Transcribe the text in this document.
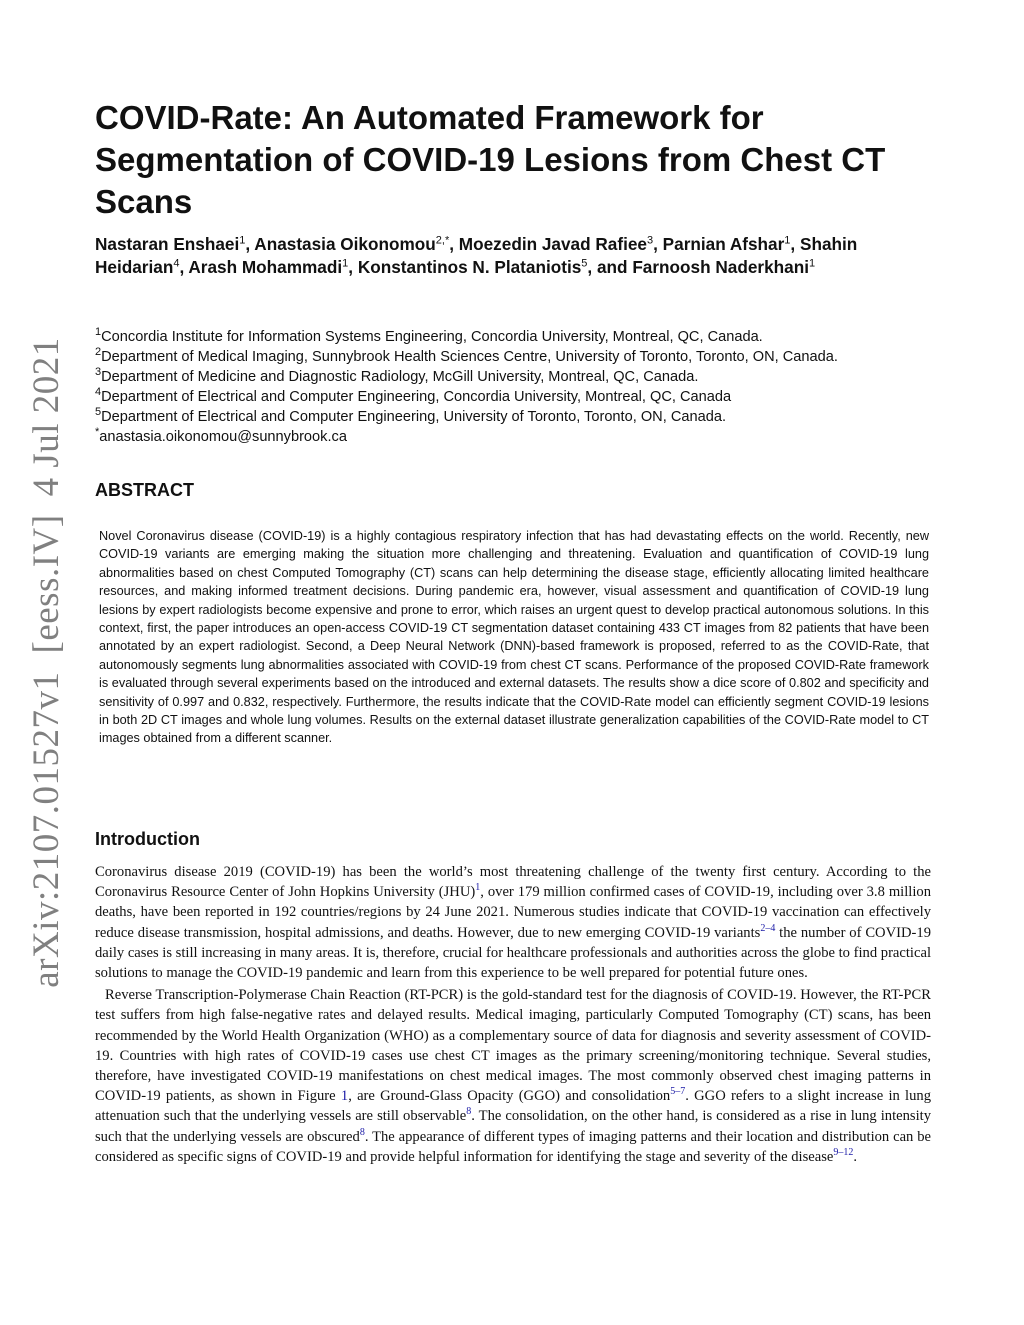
arXiv:2107.01527v1[eess.IV]4 Jul 2021
COVID-Rate: An Automated Framework for Segmentation of COVID-19 Lesions from Chest CT Scans
Nastaran Enshaei$^1$, Anastasia Oikonomou$^{2,*}$, Moezedin Javad Rafiee$^3$, Parnian Afshar$^1$, Shahin Heidarian$^4$, Arash Mohammadi$^1$, Konstantinos N. Plataniotis$^5$, and Farnoosh Naderkhani$^1$
$^1$Concordia Institute for Information Systems Engineering, Concordia University, Montreal, QC, Canada.
$^2$Department of Medical Imaging, Sunnybrook Health Sciences Centre, University of Toronto, Toronto, ON, Canada.
$^3$Department of Medicine and Diagnostic Radiology, McGill University, Montreal, QC, Canada.
$^4$Department of Electrical and Computer Engineering, Concordia University, Montreal, QC, Canada
$^5$Department of Electrical and Computer Engineering, University of Toronto, Toronto, ON, Canada.
*anastasia.oikonomou@sunnybrook.ca
ABSTRACT

Novel Coronavirus disease (COVID-19) is a highly contagious respiratory infection that has had devastating effects on the world. Recently, new COVID-19 variants are emerging making the situation more challenging and threatening. Evaluation and quantification of COVID-19 lung abnormalities based on chest Computed Tomography (CT) scans can help determining the disease stage, efficiently allocating limited healthcare resources, and making informed treatment decisions. During pandemic era, however, visual assessment and quantification of COVID-19 lung lesions by expert radiologists become expensive and prone to error, which raises an urgent quest to develop practical autonomous solutions. In this context, first, the paper introduces an open-access COVID-19 CT segmentation dataset containing 433 CT images from 82 patients that have been annotated by an expert radiologist. Second, a Deep Neural Network (DNN)-based framework is proposed, referred to as the COVID-Rate, that autonomously segments lung abnormalities associated with COVID-19 from chest CT scans. Performance of the proposed COVID-Rate framework is evaluated through several experiments based on the introduced and external datasets. The results show a dice score of 0.802 and specificity and sensitivity of 0.997 and 0.832, respectively. Furthermore, the results indicate that the COVID-Rate model can efficiently segment COVID-19 lesions in both 2D CT images and whole lung volumes. Results on the external dataset illustrate generalization capabilities of the COVID-Rate model to CT images obtained from a different scanner.

Introduction

Coronavirus disease 2019 (COVID-19) has been the world’s most threatening challenge of the twenty first century. According to the Coronavirus Resource Center of John Hopkins University (JHU)$^1$, over 179 million confirmed cases of COVID-19, including over 3.8 million deaths, have been reported in 192 countries/regions by 24 June 2021. Numerous studies indicate that COVID-19 vaccination can effectively reduce disease transmission, hospital admissions, and deaths. However, due to new emerging COVID-19 variants$^{2-4}$ the number of COVID-19 daily cases is still increasing in many areas. It is, therefore, crucial for healthcare professionals and authorities across the globe to find practical solutions to manage the COVID-19 pandemic and learn from this experience to be well prepared for potential future ones.

Reverse Transcription-Polymerase Chain Reaction (RT-PCR) is the gold-standard test for the diagnosis of COVID-19. However, the RT-PCR test suffers from high false-negative rates and delayed results. Medical imaging, particularly Computed Tomography (CT) scans, has been recommended by the World Health Organization (WHO) as a complementary source of data for diagnosis and severity assessment of COVID-19. Countries with high rates of COVID-19 cases use chest CT images as the primary screening/monitoring technique. Several studies, therefore, have investigated COVID-19 manifestations on chest medical images. The most commonly observed chest imaging patterns in COVID-19 patients, as shown in Figure 1, are Ground-Glass Opacity (GGO) and consolidation$^{5-7}$. GGO refers to a slight increase in lung attenuation such that the underlying vessels are still observable$^8$. The consolidation, on the other hand, is considered as a rise in lung intensity such that the underlying vessels are obscured$^8$. The appearance of different types of imaging patterns and their location and distribution can be considered as specific signs of COVID-19 and provide helpful information for identifying the stage and severity of the disease$^{9-12}$.
